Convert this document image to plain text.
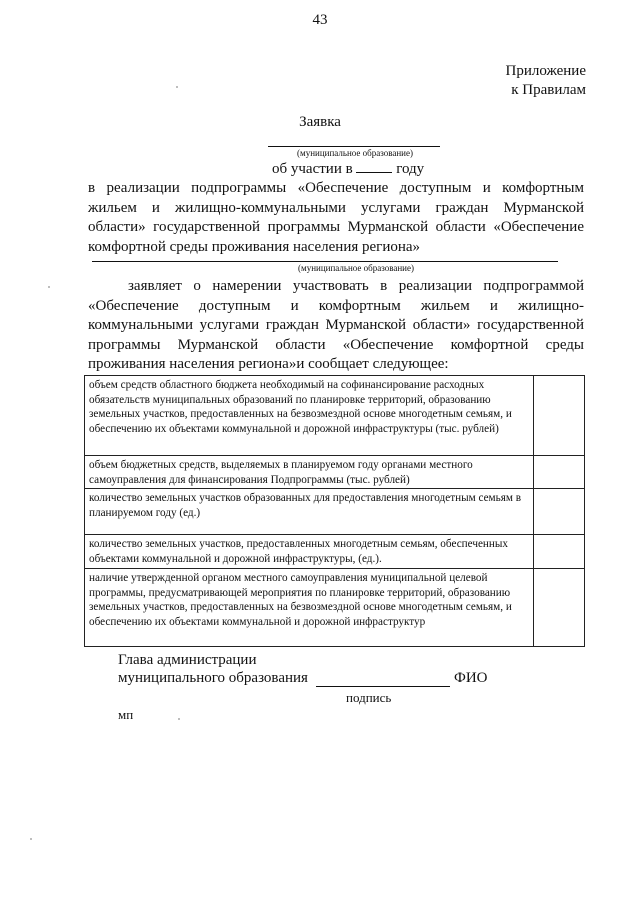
43
Приложение
к Правилам
Заявка
(муниципальное образование)
об участии в	году
в реализации подпрограммы «Обеспечение доступным и комфортным жильем и жилищно-коммунальными услугами граждан Мурманской области» государственной программы Мурманской области «Обеспечение комфортной среды проживания населения региона»
(муниципальное образование)
заявляет о намерении участвовать в реализации подпрограммой «Обеспечение доступным и комфортным жильем и жилищно-коммунальными услугами граждан Мурманской области» государственной программы Мурманской области «Обеспечение комфортной среды проживания населения региона»и сообщает следующее:
объем средств областного бюджета необходимый на софинансирование расходных обязательств муниципальных образований по планировке территорий, образованию земельных участков, предоставленных на безвозмездной основе многодетным семьям, и обеспечению их объектами коммунальной и дорожной инфраструктуры (тыс. рублей)	
объем бюджетных средств, выделяемых в планируемом году органами местного самоуправления для финансирования Подпрограммы (тыс. рублей)	
количество земельных участков образованных для предоставления многодетным семьям в планируемом году (ед.)	
количество земельных участков, предоставленных многодетным семьям, обеспеченных объектами коммунальной и дорожной инфраструктуры, (ед.).	
наличие утвержденной органом местного самоуправления муниципальной целевой программы, предусматривающей мероприятия по планировке территорий, образованию земельных участков, предоставленных на безвозмездной основе многодетным семьям, и обеспечению их объектами коммунальной и дорожной инфраструктур	
Глава администрации
муниципального образования	ФИО
подпись
мп
